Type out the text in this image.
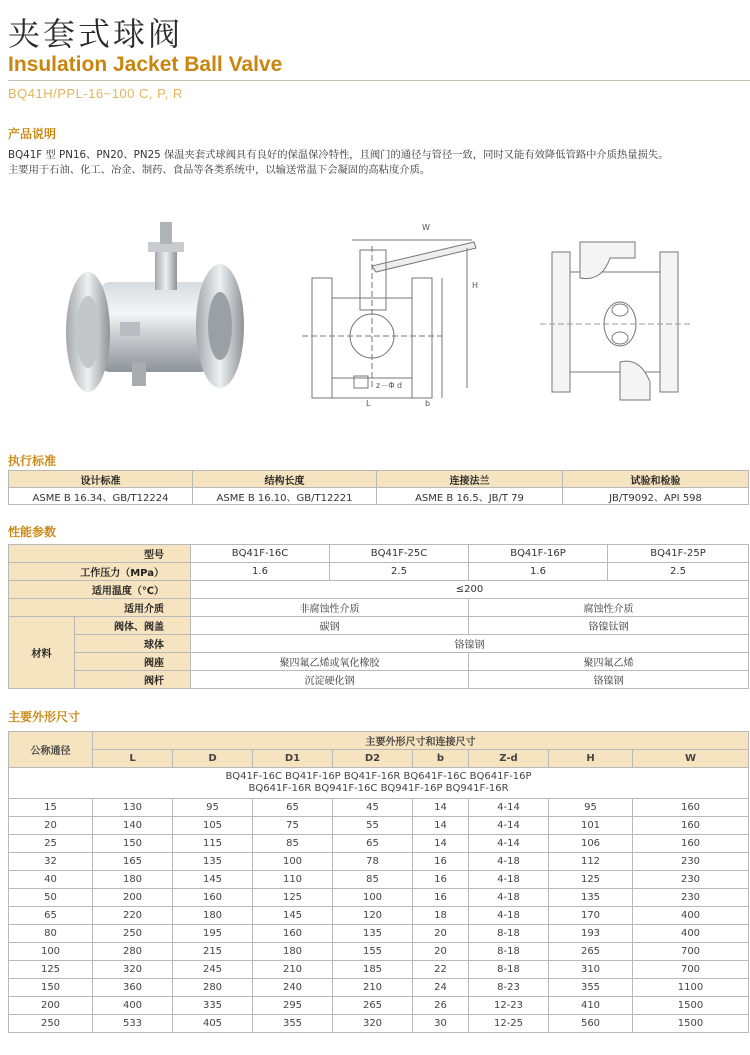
夹套式球阀
Insulation Jacket Ball Valve
BQ41H/PPL-16~100 C, P, R
产品说明
BQ41F 型 PN16、PN20、PN25 保温夹套式球阀具有良好的保温保冷特性，且阀门的通径与管径一致，同时又能有效降低管路中介质热量损失。
主要用于石油、化工、冶金、制药、食品等各类系统中，以输送常温下会凝固的高粘度介质。
W
H
L	b
z－Φ d
执行标准
设计标准	结构长度	连接法兰	试验和检验
ASME B 16.34、GB/T12224	ASME B 16.10、GB/T12221	ASME B 16.5、JB/T 79	JB/T9092、API 598
性能参数
型号		BQ41F-16C	BQ41F-25C	BQ41F-16P	BQ41F-25P
工作压力（MPa）		1.6	2.5	1.6	2.5
适用温度（℃）		≤200			
适用介质		非腐蚀性介质		腐蚀性介质	
材料	阀体、阀盖	碳钢		铬镍钛钢	
	球体	铬镍钢			
	阀座	聚四氟乙烯或氧化橡胶		聚四氟乙烯	
	阀杆	沉淀硬化钢		铬镍钢	
主要外形尺寸
公称通径	主要外形尺寸和连接尺寸							
	L	D	D1	D2	b	Z-d	H	W

BQ41F-16C BQ41F-16P BQ41F-16R BQ641F-16C BQ641F-16P
BQ641F-16R BQ941F-16C BQ941F-16P BQ941F-16R								

15	130	95	65	45	14	4-14	95	160
20	140	105	75	55	14	4-14	101	160
25	150	115	85	65	14	4-14	106	160
32	165	135	100	78	16	4-18	112	230
40	180	145	110	85	16	4-18	125	230
50	200	160	125	100	16	4-18	135	230
65	220	180	145	120	18	4-18	170	400
80	250	195	160	135	20	8-18	193	400
100	280	215	180	155	20	8-18	265	700
125	320	245	210	185	22	8-18	310	700
150	360	280	240	210	24	8-23	355	1100
200	400	335	295	265	26	12-23	410	1500
250	533	405	355	320	30	12-25	560	1500
